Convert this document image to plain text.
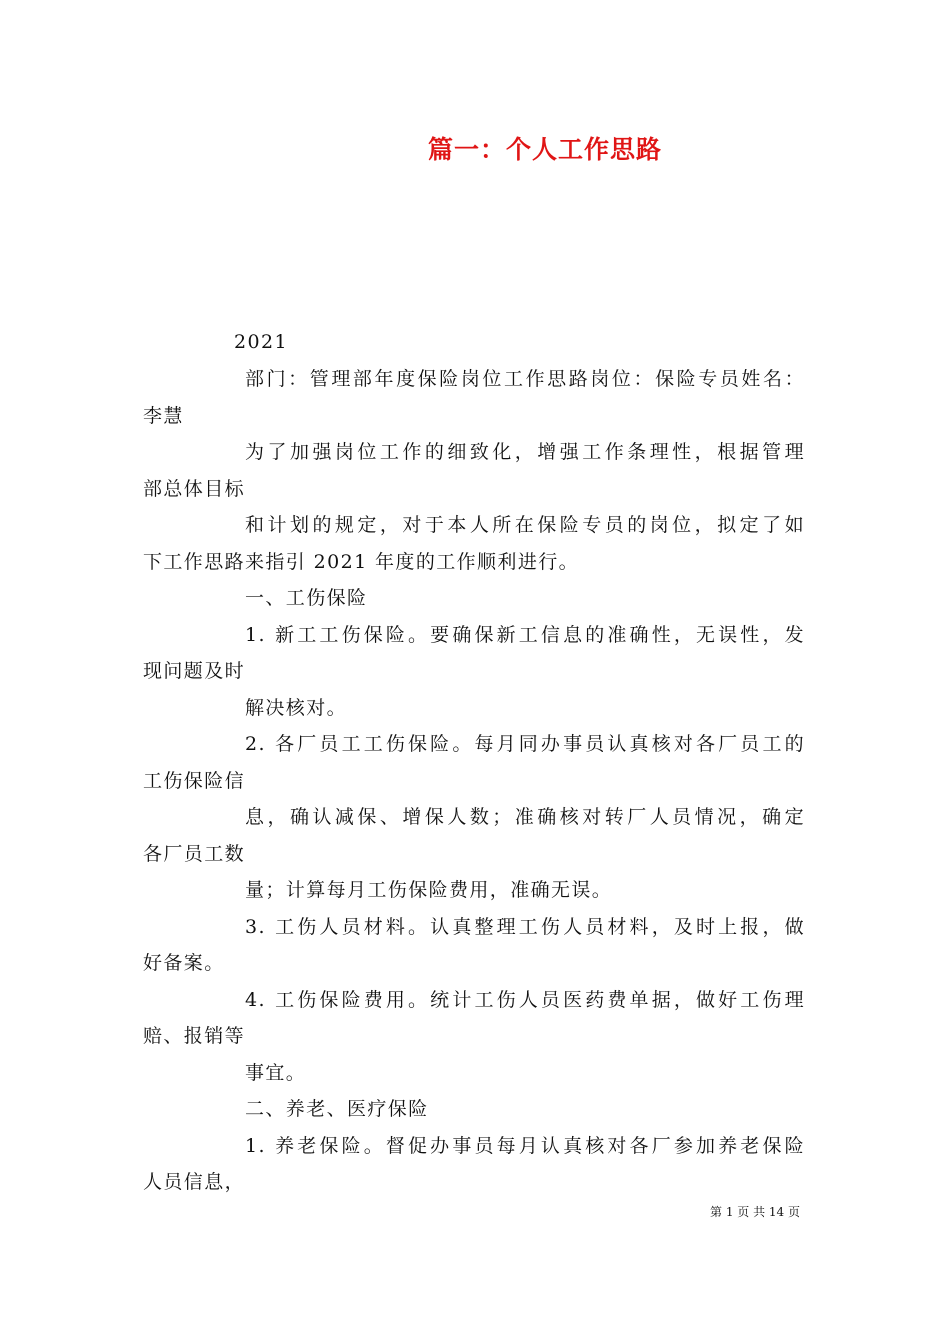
篇一：个人工作思路
2021
部门：管理部年度保险岗位工作思路岗位：保险专员姓名：
李慧
为了加强岗位工作的细致化，增强工作条理性，根据管理
部总体目标
和计划的规定，对于本人所在保险专员的岗位，拟定了如
下工作思路来指引 2021 年度的工作顺利进行。
一、工伤保险
1. 新工工伤保险。要确保新工信息的准确性，无误性，发
现问题及时
解决核对。
2. 各厂员工工伤保险。每月同办事员认真核对各厂员工的
工伤保险信
息，确认减保、增保人数；准确核对转厂人员情况，确定
各厂员工数
量；计算每月工伤保险费用，准确无误。
3. 工伤人员材料。认真整理工伤人员材料，及时上报，做
好备案。
4. 工伤保险费用。统计工伤人员医药费单据，做好工伤理
赔、报销等
事宜。
二、养老、医疗保险
1. 养老保险。督促办事员每月认真核对各厂参加养老保险
人员信息，
第 1 页 共 14 页
